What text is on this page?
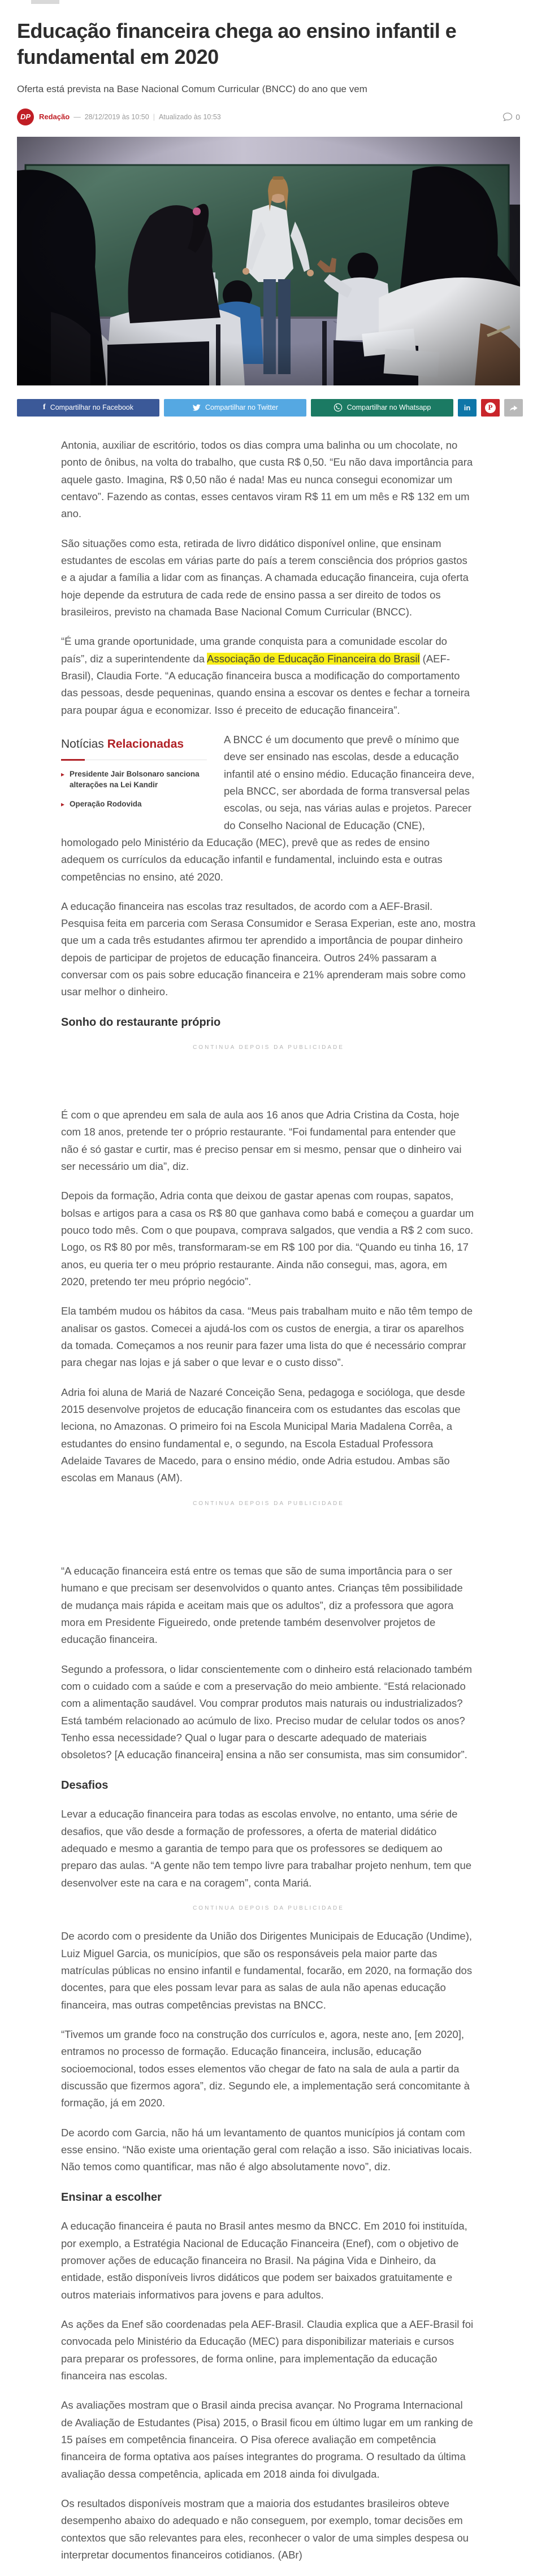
Educação financeira chega ao ensino infantil e fundamental em 2020
Oferta está prevista na Base Nacional Comum Curricular (BNCC) do ano que vem
DP	Redação — 28/12/2019 às 10:50 | Atualizado às 10:53	0
f Compartilhar no Facebook	Compartilhar no Twitter	Compartilhar no Whatsapp	in	P

Antonia, auxiliar de escritório, todos os dias compra uma balinha ou um chocolate, no ponto de ônibus, na volta do trabalho, que custa R$ 0,50. “Eu não dava importância para aquele gasto. Imagina, R$ 0,50 não é nada! Mas eu nunca consegui economizar um centavo”. Fazendo as contas, esses centavos viram R$ 11 em um mês e R$ 132 em um ano.

São situações como esta, retirada de livro didático disponível online, que ensinam estudantes de escolas em várias parte do país a terem consciência dos próprios gastos e a ajudar a família a lidar com as finanças. A chamada educação financeira, cuja oferta hoje depende da estrutura de cada rede de ensino passa a ser direito de todos os brasileiros, previsto na chamada Base Nacional Comum Curricular (BNCC).

“É uma grande oportunidade, uma grande conquista para a comunidade escolar do país”, diz a superintendente da Associação de Educação Financeira do Brasil (AEF-Brasil), Claudia Forte. “A educação financeira busca a modificação do comportamento das pessoas, desde pequeninas, quando ensina a escovar os dentes e fechar a torneira para poupar água e economizar. Isso é preceito de educação financeira”.

Notícias Relacionadas
▸ Presidente Jair Bolsonaro sanciona alterações na Lei Kandir
▸ Operação Rodovida

A BNCC é um documento que prevê o mínimo que deve ser ensinado nas escolas, desde a educação infantil até o ensino médio. Educação financeira deve, pela BNCC, ser abordada de forma transversal pelas escolas, ou seja, nas várias aulas e projetos. Parecer do Conselho Nacional de Educação (CNE), homologado pelo Ministério da Educação (MEC), prevê que as redes de ensino adequem os currículos da educação infantil e fundamental, incluindo esta e outras competências no ensino, até 2020.

A educação financeira nas escolas traz resultados, de acordo com a AEF-Brasil. Pesquisa feita em parceria com Serasa Consumidor e Serasa Experian, este ano, mostra que um a cada três estudantes afirmou ter aprendido a importância de poupar dinheiro depois de participar de projetos de educação financeira. Outros 24% passaram a conversar com os pais sobre educação financeira e 21% aprenderam mais sobre como usar melhor o dinheiro.

Sonho do restaurante próprio
CONTINUA DEPOIS DA PUBLICIDADE

É com o que aprendeu em sala de aula aos 16 anos que Adria Cristina da Costa, hoje com 18 anos, pretende ter o próprio restaurante. “Foi fundamental para entender que não é só gastar e curtir, mas é preciso pensar em si mesmo, pensar que o dinheiro vai ser necessário um dia”, diz.

Depois da formação, Adria conta que deixou de gastar apenas com roupas, sapatos, bolsas e artigos para a casa os R$ 80 que ganhava como babá e começou a guardar um pouco todo mês. Com o que poupava, comprava salgados, que vendia a R$ 2 com suco. Logo, os R$ 80 por mês, transformaram-se em R$ 100 por dia. “Quando eu tinha 16, 17 anos, eu queria ter o meu próprio restaurante. Ainda não consegui, mas, agora, em 2020, pretendo ter meu próprio negócio”.

Ela também mudou os hábitos da casa. “Meus pais trabalham muito e não têm tempo de analisar os gastos. Comecei a ajudá-los com os custos de energia, a tirar os aparelhos da tomada. Começamos a nos reunir para fazer uma lista do que é necessário comprar para chegar nas lojas e já saber o que levar e o custo disso”.

Adria foi aluna de Mariá de Nazaré Conceição Sena, pedagoga e socióloga, que desde 2015 desenvolve projetos de educação financeira com os estudantes das escolas que leciona, no Amazonas. O primeiro foi na Escola Municipal Maria Madalena Corrêa, a estudantes do ensino fundamental e, o segundo, na Escola Estadual Professora Adelaide Tavares de Macedo, para o ensino médio, onde Adria estudou. Ambas são escolas em Manaus (AM).

CONTINUA DEPOIS DA PUBLICIDADE

“A educação financeira está entre os temas que são de suma importância para o ser humano e que precisam ser desenvolvidos o quanto antes. Crianças têm possibilidade de mudança mais rápida e aceitam mais que os adultos”, diz a professora que agora mora em Presidente Figueiredo, onde pretende também desenvolver projetos de educação financeira.

Segundo a professora, o lidar conscientemente com o dinheiro está relacionado também com o cuidado com a saúde e com a preservação do meio ambiente. “Está relacionado com a alimentação saudável. Vou comprar produtos mais naturais ou industrializados? Está também relacionado ao acúmulo de lixo. Preciso mudar de celular todos os anos? Tenho essa necessidade? Qual o lugar para o descarte adequado de materiais obsoletos? [A educação financeira] ensina a não ser consumista, mas sim consumidor”.

Desafios

Levar a educação financeira para todas as escolas envolve, no entanto, uma série de desafios, que vão desde a formação de professores, a oferta de material didático adequado e mesmo a garantia de tempo para que os professores se dediquem ao preparo das aulas. “A gente não tem tempo livre para trabalhar projeto nenhum, tem que desenvolver este na cara e na coragem”, conta Mariá.

CONTINUA DEPOIS DA PUBLICIDADE

De acordo com o presidente da União dos Dirigentes Municipais de Educação (Undime), Luiz Miguel Garcia, os municípios, que são os responsáveis pela maior parte das matrículas públicas no ensino infantil e fundamental, focarão, em 2020, na formação dos docentes, para que eles possam levar para as salas de aula não apenas educação financeira, mas outras competências previstas na BNCC.

“Tivemos um grande foco na construção dos currículos e, agora, neste ano, [em 2020], entramos no processo de formação. Educação financeira, inclusão, educação socioemocional, todos esses elementos vão chegar de fato na sala de aula a partir da discussão que fizermos agora”, diz. Segundo ele, a implementação será concomitante à formação, já em 2020.

De acordo com Garcia, não há um levantamento de quantos municípios já contam com esse ensino. “Não existe uma orientação geral com relação a isso. São iniciativas locais. Não temos como quantificar, mas não é algo absolutamente novo”, diz.

Ensinar a escolher

A educação financeira é pauta no Brasil antes mesmo da BNCC. Em 2010 foi instituída, por exemplo, a Estratégia Nacional de Educação Financeira (Enef), com o objetivo de promover ações de educação financeira no Brasil. Na página Vida e Dinheiro, da entidade, estão disponíveis livros didáticos que podem ser baixados gratuitamente e outros materiais informativos para jovens e para adultos.

As ações da Enef são coordenadas pela AEF-Brasil. Claudia explica que a AEF-Brasil foi convocada pelo Ministério da Educação (MEC) para disponibilizar materiais e cursos para preparar os professores, de forma online, para implementação da educação financeira nas escolas.

As avaliações mostram que o Brasil ainda precisa avançar. No Programa Internacional de Avaliação de Estudantes (Pisa) 2015, o Brasil ficou em último lugar em um ranking de 15 países em competência financeira. O Pisa oferece avaliação em competência financeira de forma optativa aos países integrantes do programa. O resultado da última avaliação dessa competência, aplicada em 2018 ainda foi divulgada.

Os resultados disponíveis mostram que a maioria dos estudantes brasileiros obteve desempenho abaixo do adequado e não conseguem, por exemplo, tomar decisões em contextos que são relevantes para eles, reconhecer o valor de uma simples despesa ou interpretar documentos financeiros cotidianos. (ABr)
